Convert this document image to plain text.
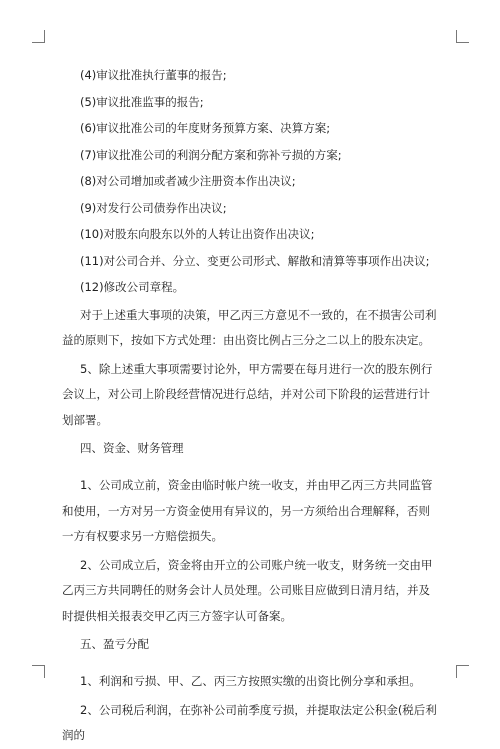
(4)审议批准执行董事的报告;
(5)审议批准监事的报告;
(6)审议批准公司的年度财务预算方案、决算方案;
(7)审议批准公司的利润分配方案和弥补亏损的方案;
(8)对公司增加或者减少注册资本作出决议;
(9)对发行公司债券作出决议;
(10)对股东向股东以外的人转让出资作出决议;
(11)对公司合并、分立、变更公司形式、解散和清算等事项作出决议;
(12)修改公司章程。

对于上述重大事项的决策，甲乙丙三方意见不一致的，在不损害公司利益的原则下，按如下方式处理：由出资比例占三分之二以上的股东决定。

5、除上述重大事项需要讨论外，甲方需要在每月进行一次的股东例行会议上，对公司上阶段经营情况进行总结，并对公司下阶段的运营进行计划部署。

四、资金、财务管理

1、公司成立前，资金由临时帐户统一收支，并由甲乙丙三方共同监管和使用，一方对另一方资金使用有异议的，另一方须给出合理解释，否则一方有权要求另一方赔偿损失。

2、公司成立后，资金将由开立的公司账户统一收支，财务统一交由甲乙丙三方共同聘任的财务会计人员处理。公司账目应做到日清月结，并及时提供相关报表交甲乙丙三方签字认可备案。

五、盈亏分配

1、利润和亏损、甲、乙、丙三方按照实缴的出资比例分享和承担。

2、公司税后利润，在弥补公司前季度亏损，并提取法定公积金(税后利润的
